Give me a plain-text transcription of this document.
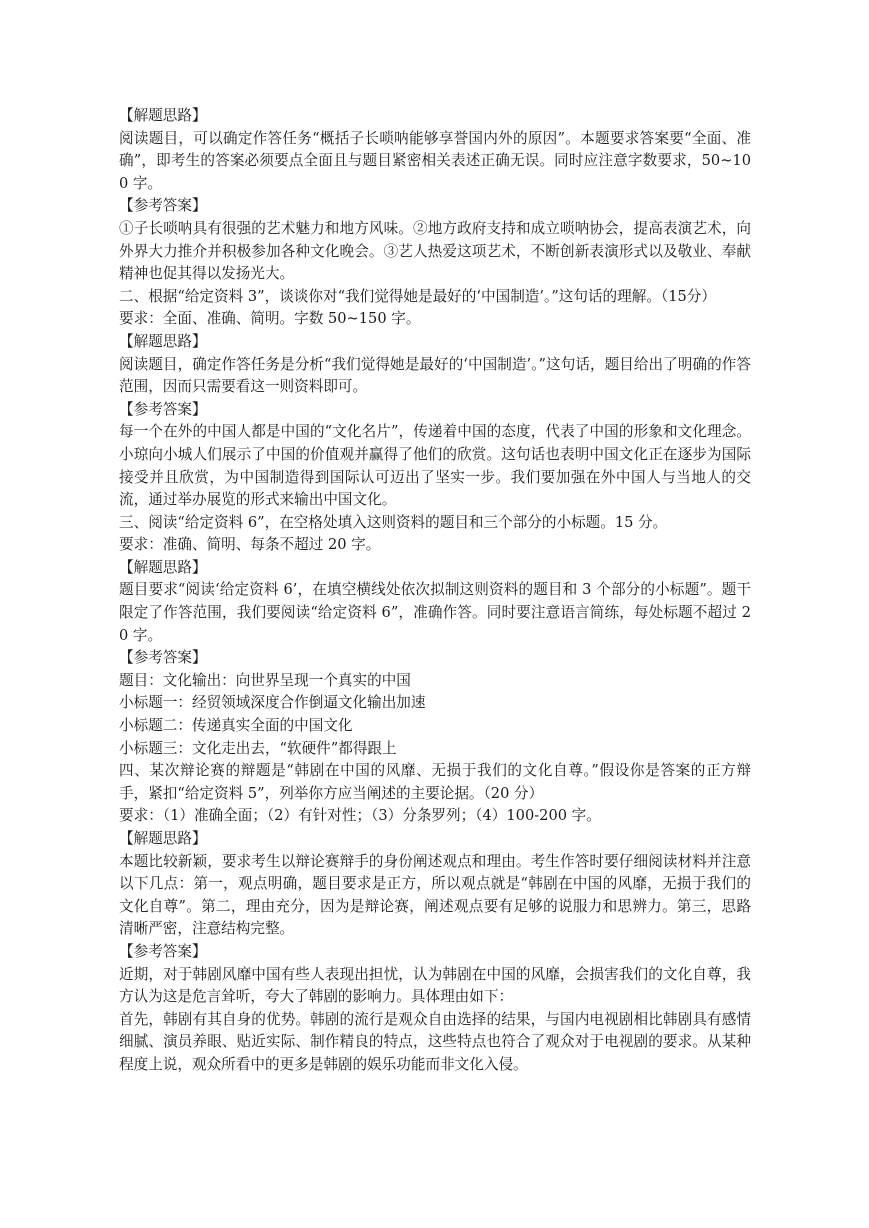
【解题思路】

阅读题目，可以确定作答任务“概括子长唢呐能够享誉国内外的原因”。本题要求答案要“全面、准确”，即考生的答案必须要点全面且与题目紧密相关表述正确无误。同时应注意字数要求，50~100 字。

【参考答案】

①子长唢呐具有很强的艺术魅力和地方风味。②地方政府支持和成立唢呐协会，提高表演艺术，向外界大力推介并积极参加各种文化晚会。③艺人热爱这项艺术，不断创新表演形式以及敬业、奉献精神也促其得以发扬光大。

二、根据“给定资料 3”，谈谈你对“我们觉得她是最好的‘中国制造’。”这句话的理解。（15分）

要求：全面、准确、简明。字数 50~150 字。

【解题思路】

阅读题目，确定作答任务是分析“我们觉得她是最好的‘中国制造’。”这句话，题目给出了明确的作答范围，因而只需要看这一则资料即可。

【参考答案】

每一个在外的中国人都是中国的“文化名片”，传递着中国的态度，代表了中国的形象和文化理念。小琼向小城人们展示了中国的价值观并赢得了他们的欣赏。这句话也表明中国文化正在逐步为国际接受并且欣赏，为中国制造得到国际认可迈出了坚实一步。我们要加强在外中国人与当地人的交流，通过举办展览的形式来输出中国文化。

三、阅读“给定资料 6”，在空格处填入这则资料的题目和三个部分的小标题。15 分。

要求：准确、简明、每条不超过 20 字。

【解题思路】

题目要求“阅读‘给定资料 6’，在填空横线处依次拟制这则资料的题目和 3 个部分的小标题”。题干限定了作答范围，我们要阅读“给定资料 6”，准确作答。同时要注意语言简练，每处标题不超过 20 字。

【参考答案】

题目：文化输出：向世界呈现一个真实的中国

小标题一：经贸领域深度合作倒逼文化输出加速

小标题二：传递真实全面的中国文化

小标题三：文化走出去，“软硬件”都得跟上

四、某次辩论赛的辩题是“韩剧在中国的风靡、无损于我们的文化自尊。”假设你是答案的正方辩手，紧扣“给定资料 5”，列举你方应当阐述的主要论据。（20 分）

要求：（1）准确全面；（2）有针对性；（3）分条罗列；（4）100-200 字。

【解题思路】

本题比较新颖，要求考生以辩论赛辩手的身份阐述观点和理由。考生作答时要仔细阅读材料并注意以下几点：第一，观点明确，题目要求是正方，所以观点就是“韩剧在中国的风靡，无损于我们的文化自尊”。第二，理由充分，因为是辩论赛，阐述观点要有足够的说服力和思辨力。第三，思路清晰严密，注意结构完整。

【参考答案】

近期，对于韩剧风靡中国有些人表现出担忧，认为韩剧在中国的风靡，会损害我们的文化自尊，我方认为这是危言耸听，夸大了韩剧的影响力。具体理由如下：

首先，韩剧有其自身的优势。韩剧的流行是观众自由选择的结果，与国内电视剧相比韩剧具有感情细腻、演员养眼、贴近实际、制作精良的特点，这些特点也符合了观众对于电视剧的要求。从某种程度上说，观众所看中的更多是韩剧的娱乐功能而非文化入侵。
